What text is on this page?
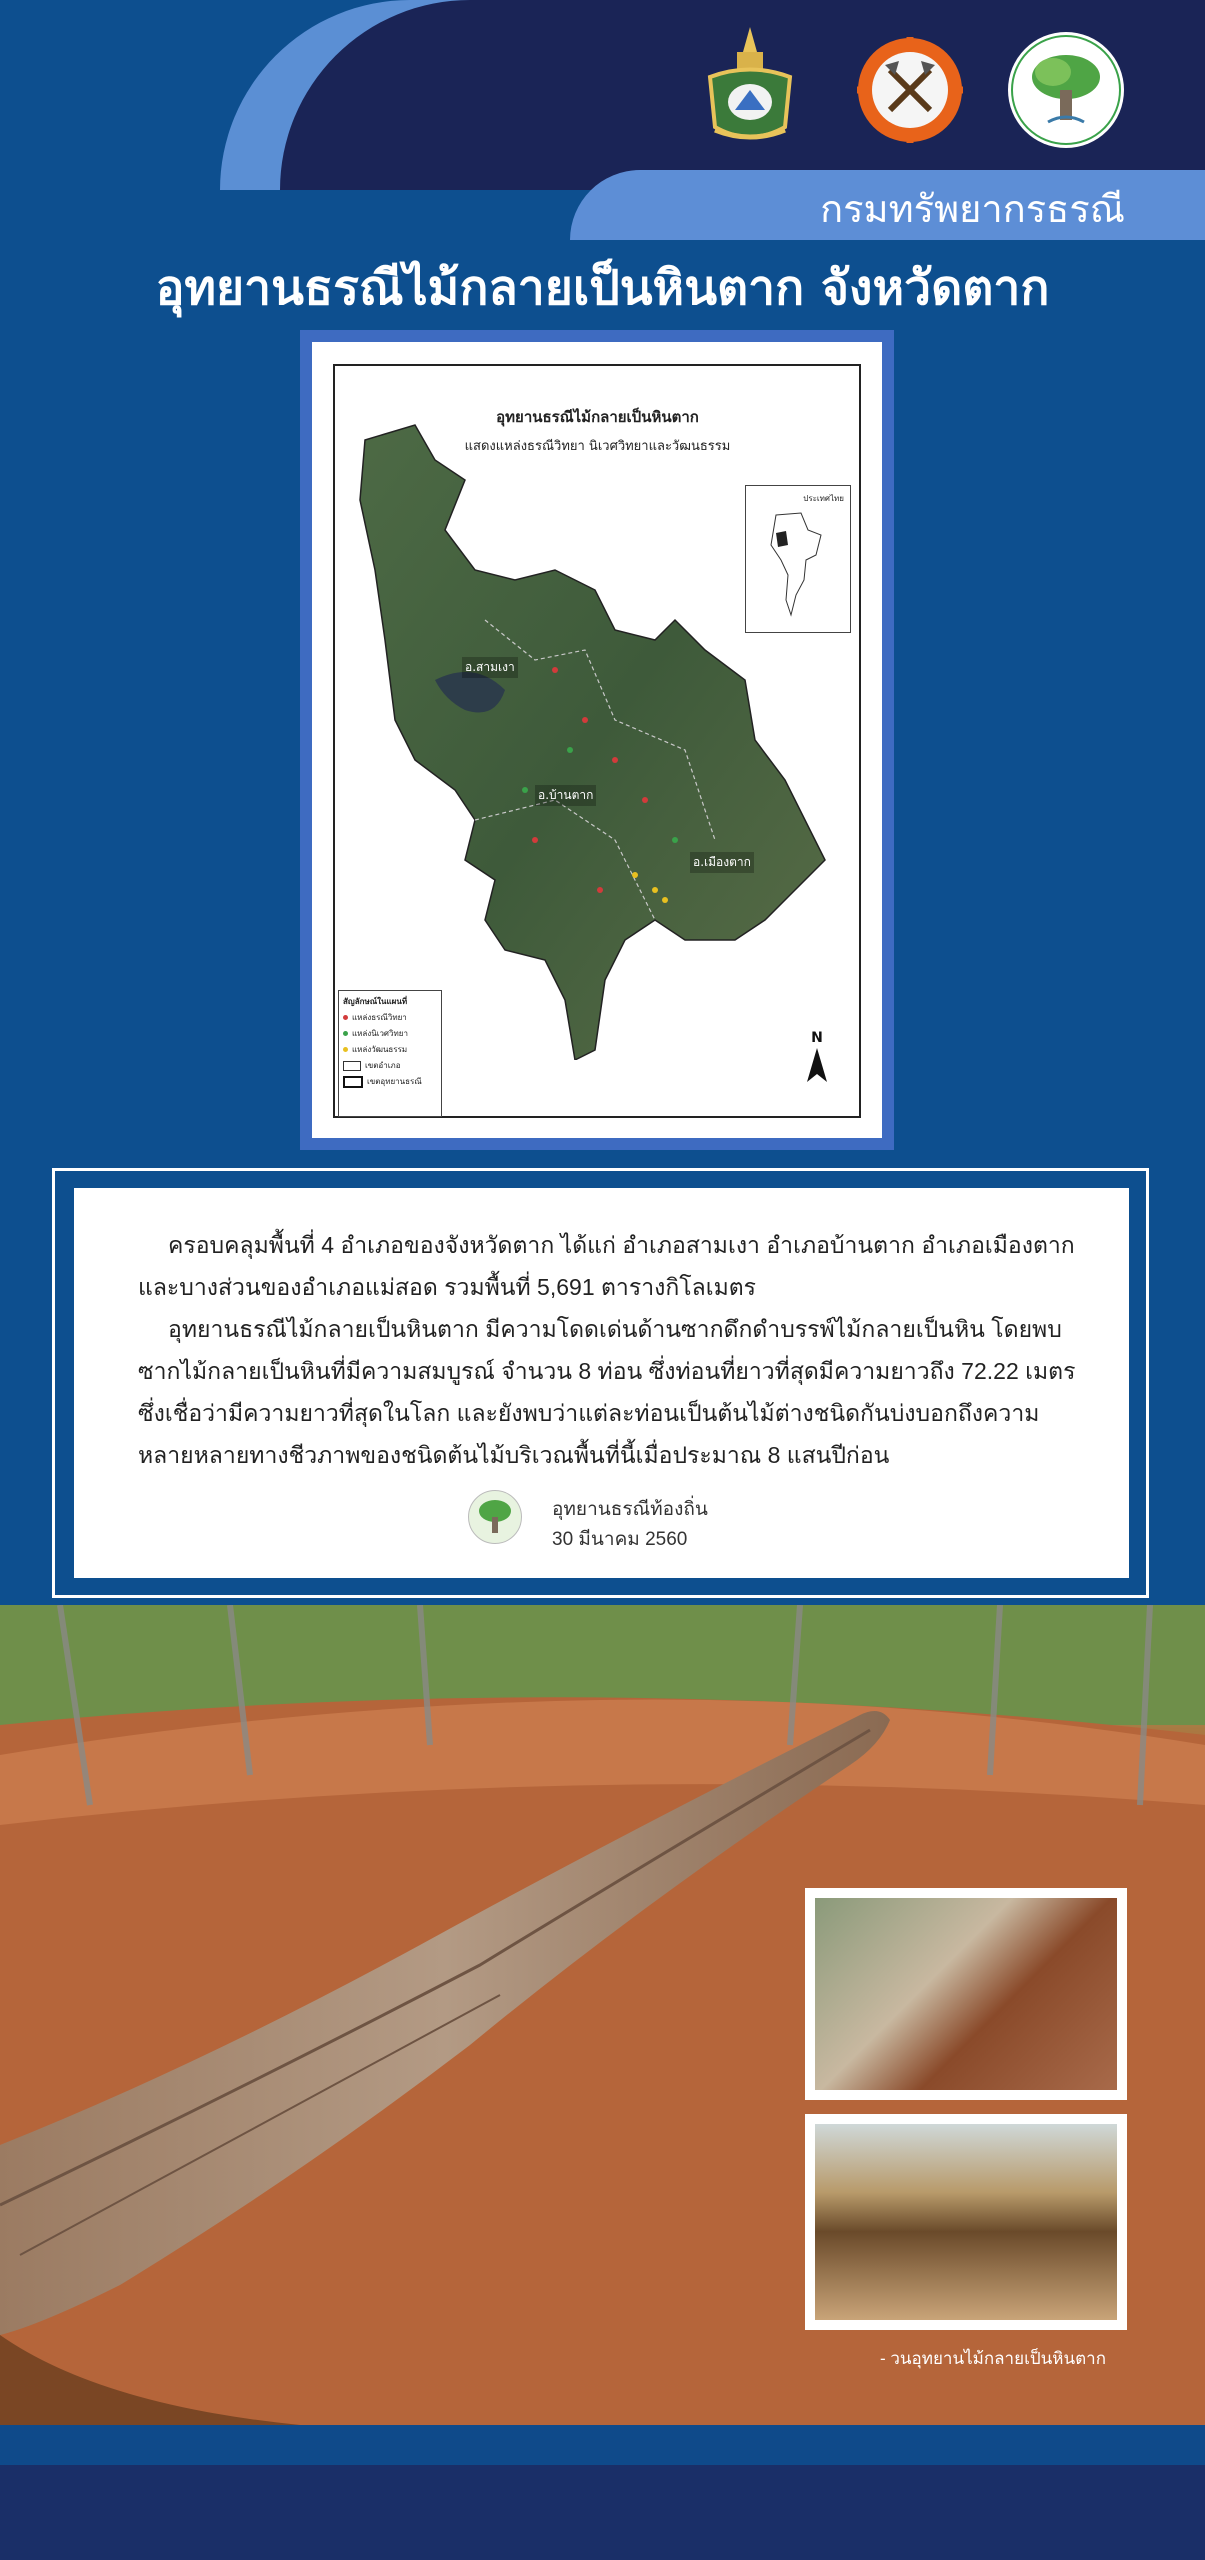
กรมทรัพยากรธรณี
อุทยานธรณีไม้กลายเป็นหินตาก จังหวัดตาก
อุทยานธรณีไม้กลายเป็นหินตาก
แสดงแหล่งธรณีวิทยา นิเวศวิทยาและวัฒนธรรม
อ.สามเงา
อ.บ้านตาก
อ.เมืองตาก
ประเทศไทย
สัญลักษณ์ในแผนที่
แหล่งธรณีวิทยา
แหล่งนิเวศวิทยา
แหล่งวัฒนธรรม
เขตอำเภอ
เขตอุทยานธรณี
N
ครอบคลุมพื้นที่ 4 อำเภอของจังหวัดตาก ได้แก่ อำเภอสามเงา อำเภอบ้านตาก อำเภอเมืองตาก และบางส่วนของอำเภอแม่สอด รวมพื้นที่ 5,691 ตารางกิโลเมตร
อุทยานธรณีไม้กลายเป็นหินตาก มีความโดดเด่นด้านซากดึกดำบรรพ์ไม้กลายเป็นหิน โดยพบซากไม้กลายเป็นหินที่มีความสมบูรณ์ จำนวน 8 ท่อน ซึ่งท่อนที่ยาวที่สุดมีความยาวถึง 72.22 เมตร ซึ่งเชื่อว่ามีความยาวที่สุดในโลก และยังพบว่าแต่ละท่อนเป็นต้นไม้ต่างชนิดกันบ่งบอกถึงความหลายหลายทางชีวภาพของชนิดต้นไม้บริเวณพื้นที่นี้เมื่อประมาณ 8 แสนปีก่อน
อุทยานธรณีท้องถิ่น
30 มีนาคม 2560
- วนอุทยานไม้กลายเป็นหินตาก
